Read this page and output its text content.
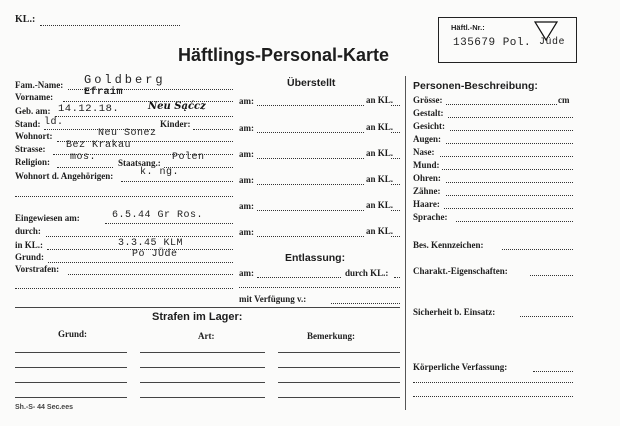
KL.:
Häftlings-Personal-Karte
Häftl.-Nr.:
135679 Pol. Jüde
Fam.-Name: Goldberg
Vorname:	Efraim
Geb. am: 14.12.18.	Neu Sąćcz
Stand: ld.	Kinder:
Wohnort:	Neu Sonez
Strasse: Bez Krakau
Religion: mos. Staatsang.: Polen
Wohnort d. Angehörigen:	k. ng.
Eingewiesen am:	6.5.44 Gr Ros.
durch:
in KL.:	3.3.45 KLM
Grund:	Po JÜde
Vorstrafen:
Überstellt
am:	an KL.
am:	an KL.
am:	an KL.
am:	an KL.
am:	an KL.
am:	an KL.
Entlassung:
am:	durch KL.:
mit Verfügung v.:
Personen-Beschreibung:
Grösse:	cm
Gestalt:
Gesicht:
Augen:
Nase:
Mund:
Ohren:
Zähne:
Haare:
Sprache:
Bes. Kennzeichen:
Charakt.-Eigenschaften:
Sicherheit b. Einsatz:
Körperliche Verfassung:
Strafen im Lager:
Grund:	Art:	Bemerkung:
Sh.-S- 44 Sec.ees
